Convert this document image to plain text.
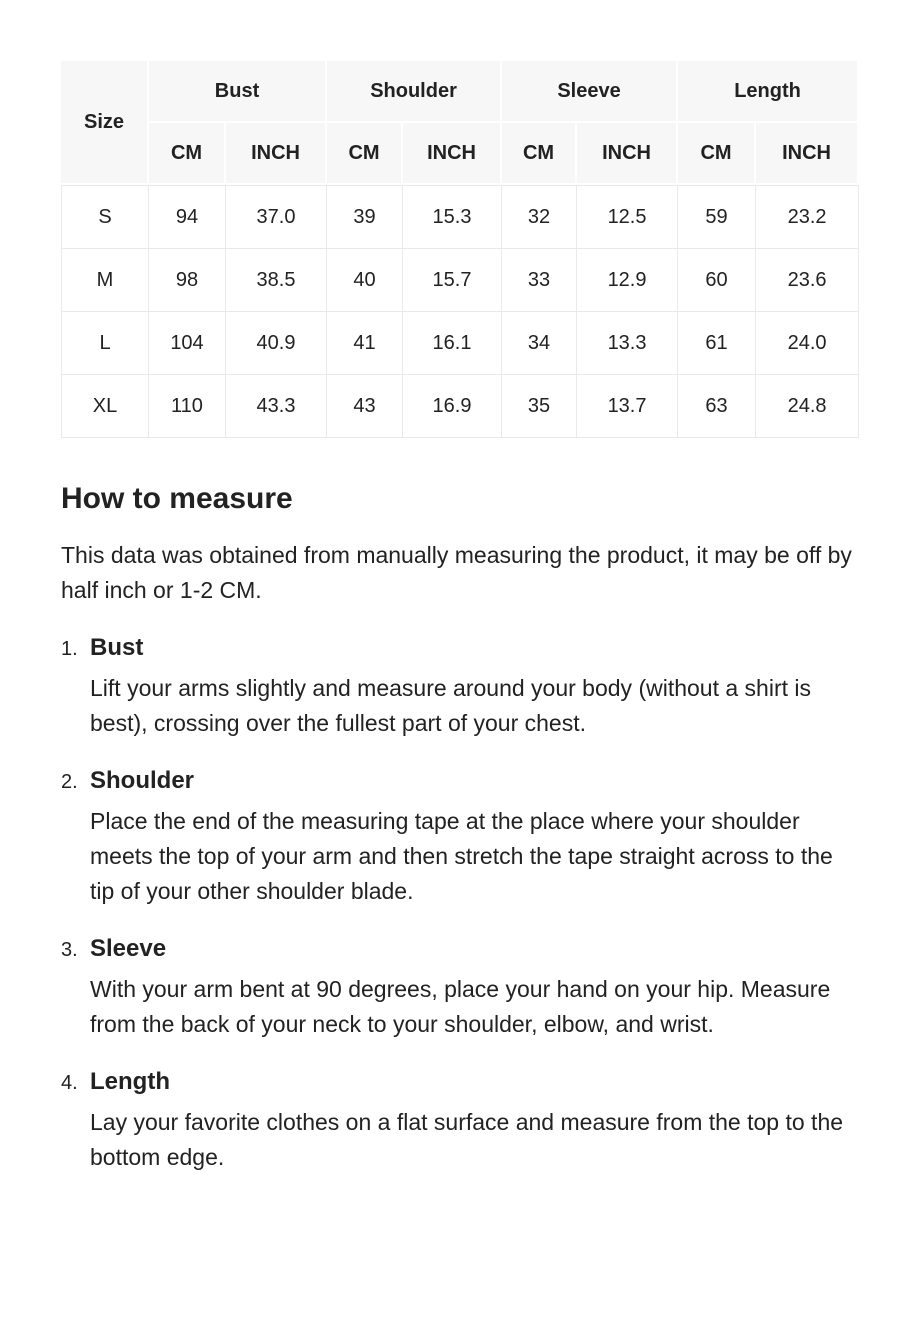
Size	Bust		Shoulder		Sleeve		Length	
	CM	INCH	CM	INCH	CM	INCH	CM	INCH
S	94	37.0	39	15.3	32	12.5	59	23.2
M	98	38.5	40	15.7	33	12.9	60	23.6
L	104	40.9	41	16.1	34	13.3	61	24.0
XL	110	43.3	43	16.9	35	13.7	63	24.8
How to measure

This data was obtained from manually measuring the product, it may be off by half inch or 1-2 CM.

1. Bust
Lift your arms slightly and measure around your body (without a shirt is best), crossing over the fullest part of your chest.
2. Shoulder
Place the end of the measuring tape at the place where your shoulder meets the top of your arm and then stretch the tape straight across to the tip of your other shoulder blade.
3. Sleeve
With your arm bent at 90 degrees, place your hand on your hip. Measure from the back of your neck to your shoulder, elbow, and wrist.
4. Length
Lay your favorite clothes on a flat surface and measure from the top to the bottom edge.
